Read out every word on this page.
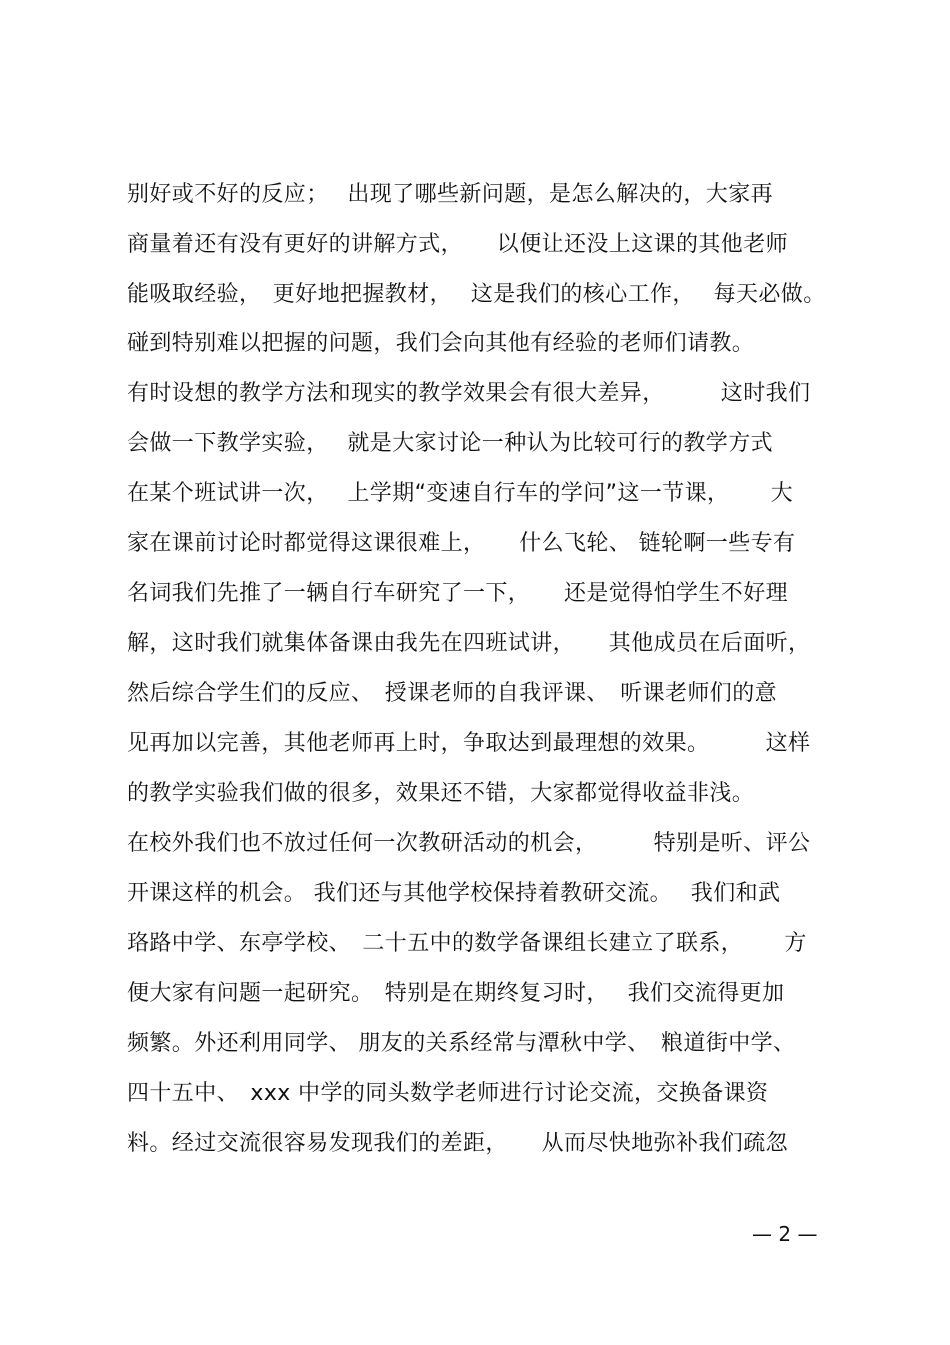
别好或不好的反应；　 出现了哪些新问题，是怎么解决的，大家再
商量着还有没有更好的讲解方式，　　以便让还没上这课的其他老师
能吸取经验，　更好地把握教材，　 这是我们的核心工作，　 每天必做。
碰到特别难以把握的问题，我们会向其他有经验的老师们请教。
有时设想的教学方法和现实的教学效果会有很大差异，　　　这时我们
会做一下教学实验，　 就是大家讨论一种认为比较可行的教学方式
在某个班试讲一次，　 上学期“变速自行车的学问”这一节课，　　 大
家在课前讨论时都觉得这课很难上，　　什么飞轮、 链轮啊一些专有
名词我们先推了一辆自行车研究了一下，　　还是觉得怕学生不好理
解，这时我们就集体备课由我先在四班试讲，　　其他成员在后面听，
然后综合学生们的反应、　授课老师的自我评课、　听课老师们的意
见再加以完善，其他老师再上时，争取达到最理想的效果。　　　这样
的教学实验我们做的很多，效果还不错，大家都觉得收益非浅。
在校外我们也不放过任何一次教研活动的机会，　　　特别是听、评公
开课这样的机会。 我们还与其他学校保持着教研交流。　 我们和武
珞路中学、东亭学校、　二十五中的数学备课组长建立了联系，　　 方
便大家有问题一起研究。　特别是在期终复习时，　 我们交流得更加
频繁。外还利用同学、 朋友的关系经常与潭秋中学、　粮道街中学、
四十五中、　xxx 中学的同头数学老师进行讨论交流，交换备课资
料。经过交流很容易发现我们的差距，　　从而尽快地弥补我们疏忽
— 2 —
